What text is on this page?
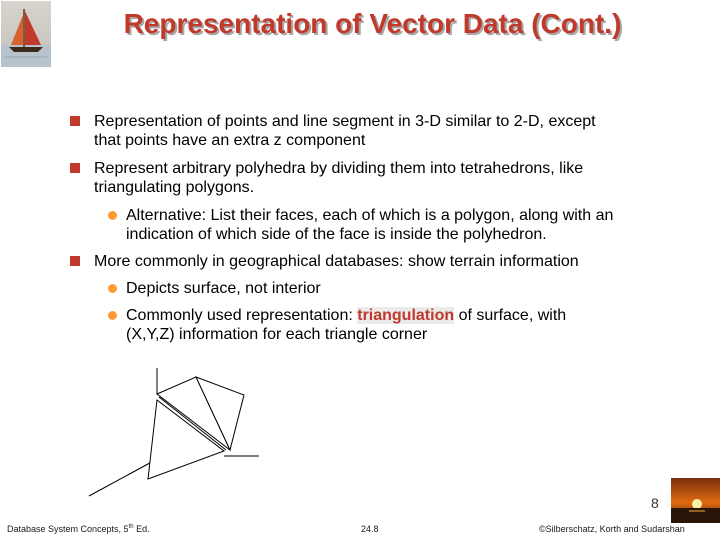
Representation of Vector Data (Cont.)
Representation of points and line segment in 3-D similar to 2-D, except
that points have an extra z component
Represent arbitrary polyhedra by dividing them into tetrahedrons, like
triangulating polygons.
Alternative: List their faces, each of which is a polygon, along with an
indication of which side of the face is inside the polyhedron.
More commonly in geographical databases: show terrain information
Depicts surface, not interior
Commonly used representation: triangulation of surface, with
(X,Y,Z) information for each triangle corner
8
Database System Concepts, 5th Ed.	24.8	©Silberschatz, Korth and Sudarshan
